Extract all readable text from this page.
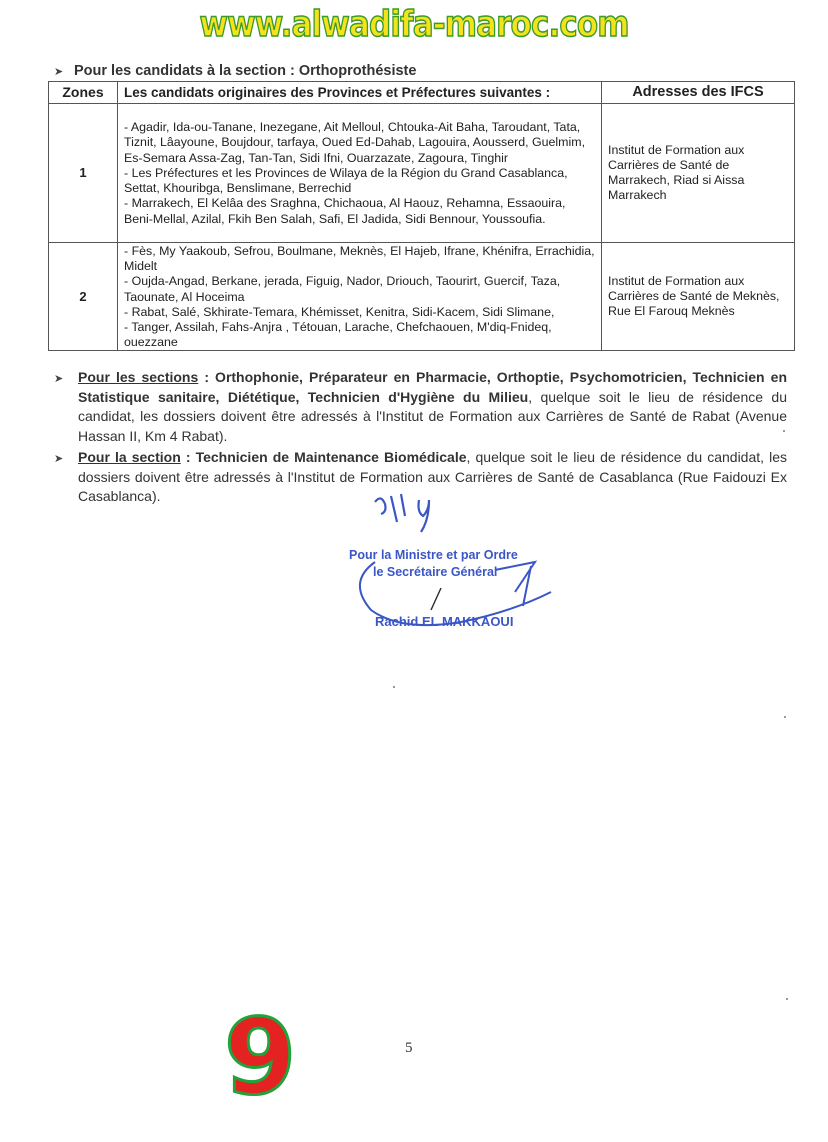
www.alwadifa-maroc.com
➤ Pour les candidats à la section : Orthoprothésiste
Zones	Les candidats originaires des Provinces et Préfectures suivantes :	Adresses des IFCS
1	- Agadir, Ida-ou-Tanane, Inezegane, Ait Melloul, Chtouka-Ait Baha, Taroudant, Tata, Tiznit, Lâayoune, Boujdour, tarfaya, Oued Ed-Dahab, Lagouira, Aousserd, Guelmim, Es-Semara Assa-Zag, Tan-Tan, Sidi Ifni, Ouarzazate, Zagoura, Tinghir
- Les Préfectures et les Provinces de Wilaya de la Région du Grand Casablanca, Settat, Khouribga, Benslimane, Berrechid
- Marrakech, El Kelâa des Sraghna, Chichaoua, Al Haouz, Rehamna, Essaouira, Beni-Mellal, Azilal, Fkih Ben Salah, Safi, El Jadida, Sidi Bennour, Youssoufia.	Institut de Formation aux Carrières de Santé de Marrakech, Riad si Aissa Marrakech
2	- Fès, My Yaakoub, Sefrou, Boulmane, Meknès, El Hajeb, Ifrane, Khénifra, Errachidia, Midelt
- Oujda-Angad, Berkane, jerada, Figuig, Nador, Driouch, Taourirt, Guercif, Taza, Taounate, Al Hoceima
- Rabat, Salé, Skhirate-Temara, Khémisset, Kenitra, Sidi-Kacem, Sidi Slimane,
- Tanger, Assilah, Fahs-Anjra , Tétouan, Larache, Chefchaouen, M'diq-Fnideq, ouezzane	Institut de Formation aux Carrières de Santé de Meknès, Rue El Farouq Meknès
➤	Pour les sections : Orthophonie, Préparateur en Pharmacie, Orthoptie, Psychomotricien, Technicien en Statistique sanitaire, Diététique, Technicien d'Hygiène du Milieu, quelque soit le lieu de résidence du candidat, les dossiers doivent être adressés à l'Institut de Formation aux Carrières de Santé de Rabat (Avenue Hassan II, Km 4 Rabat).
➤	Pour la section : Technicien de Maintenance Biomédicale, quelque soit le lieu de résidence du candidat, les dossiers doivent être adressés à l'Institut de Formation aux Carrières de Santé de Casablanca (Rue Faidouzi Ex Casablanca).
Pour la Ministre et par Ordre
le Secrétaire Général
Rachid EL MAKKAOUI
9	5
